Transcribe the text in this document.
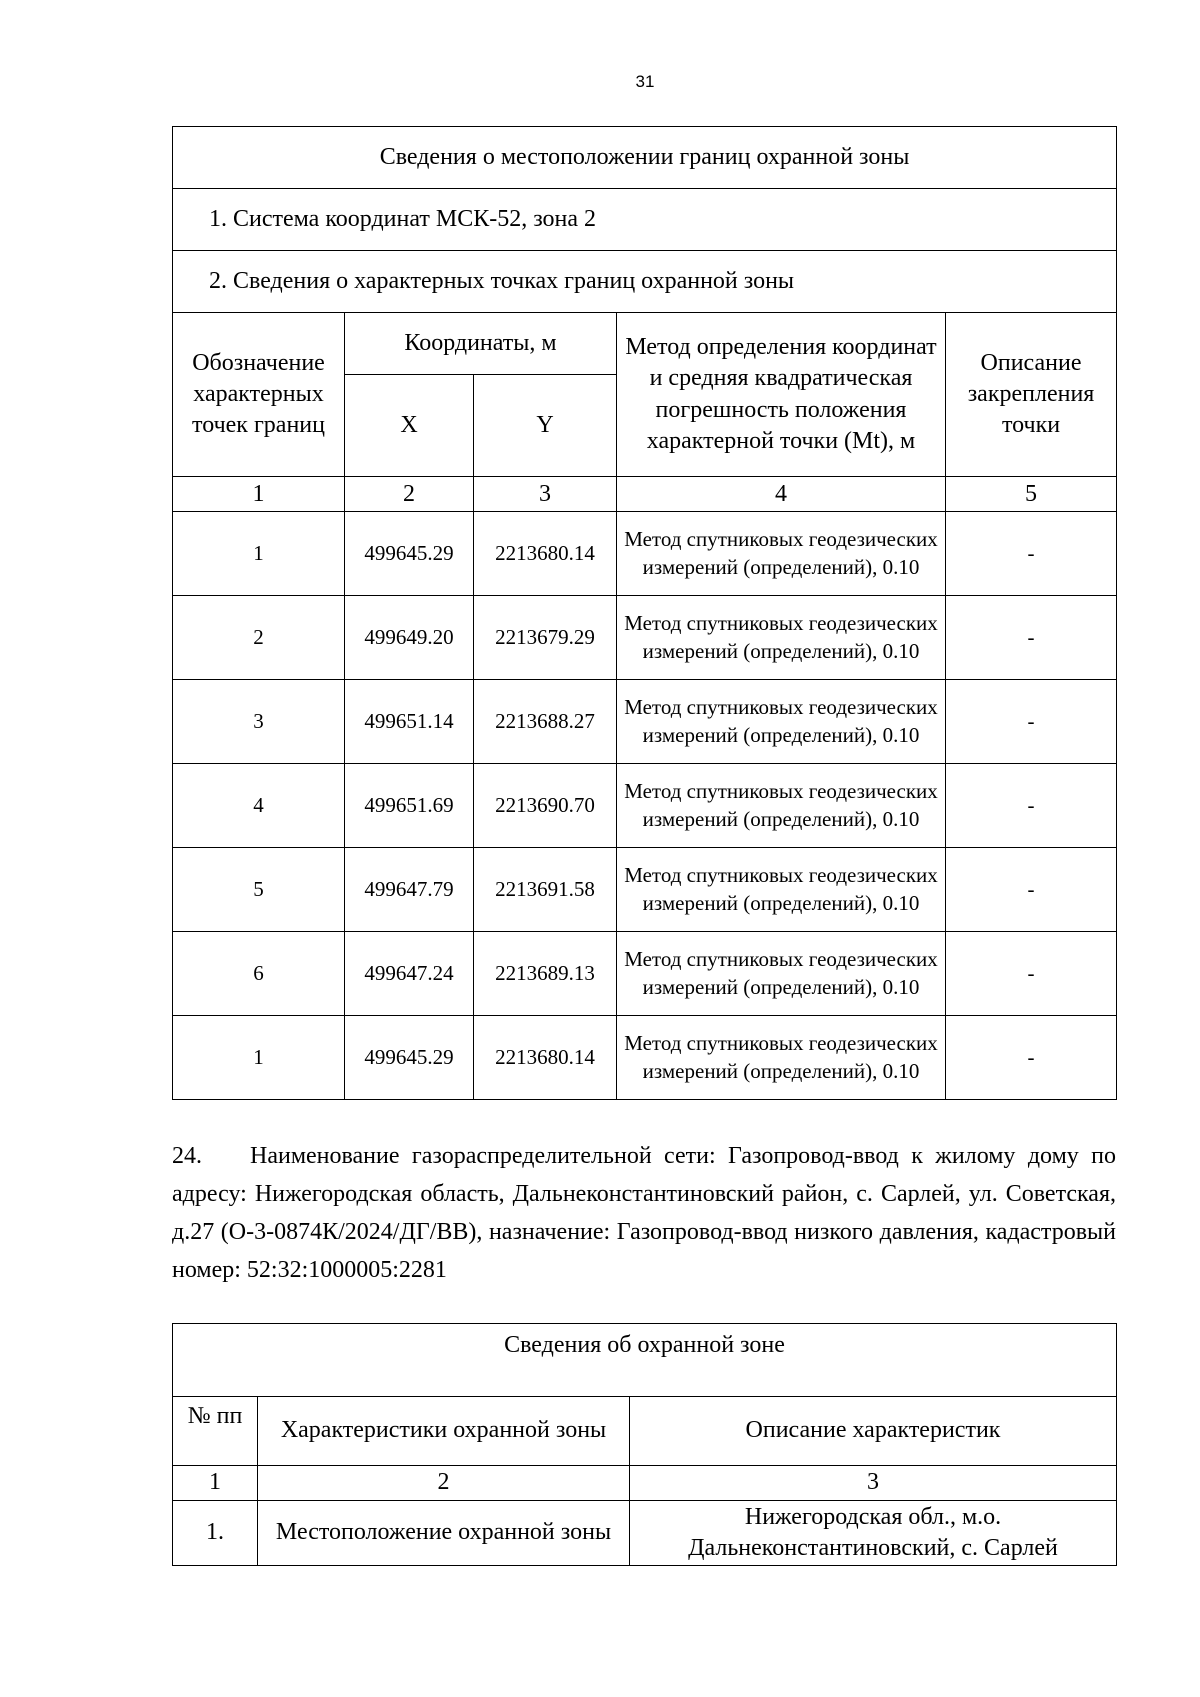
31
Сведения о местоположении границ охранной зоны				
1. Система координат МСК-52, зона 2				
2. Сведения о характерных точках границ охранной зоны				
Обозначение характерных точек границ	Координаты, м		Метод определения координат и средняя квадратическая погрешность положения характерной точки (Mt), м	Описание закрепления точки
	X	Y		
1	2	3	4	5
1	499645.29	2213680.14	Метод спутниковых геодезических измерений (определений), 0.10	-
2	499649.20	2213679.29	Метод спутниковых геодезических измерений (определений), 0.10	-
3	499651.14	2213688.27	Метод спутниковых геодезических измерений (определений), 0.10	-
4	499651.69	2213690.70	Метод спутниковых геодезических измерений (определений), 0.10	-
5	499647.79	2213691.58	Метод спутниковых геодезических измерений (определений), 0.10	-
6	499647.24	2213689.13	Метод спутниковых геодезических измерений (определений), 0.10	-
1	499645.29	2213680.14	Метод спутниковых геодезических измерений (определений), 0.10	-
24. Наименование газораспределительной сети: Газопровод-ввод к жилому дому по адресу: Нижегородская область, Дальнеконстантиновский район, с. Сарлей, ул. Советская, д.27 (О-3-0874К/2024/ДГ/ВВ), назначение: Газопровод-ввод низкого давления, кадастровый номер: 52:32:1000005:2281
Сведения об охранной зоне		
№ пп	Характеристики охранной зоны	Описание характеристик
1	2	3
1.	Местоположение охранной зоны	Нижегородская обл., м.о. Дальнеконстантиновский, с. Сарлей
